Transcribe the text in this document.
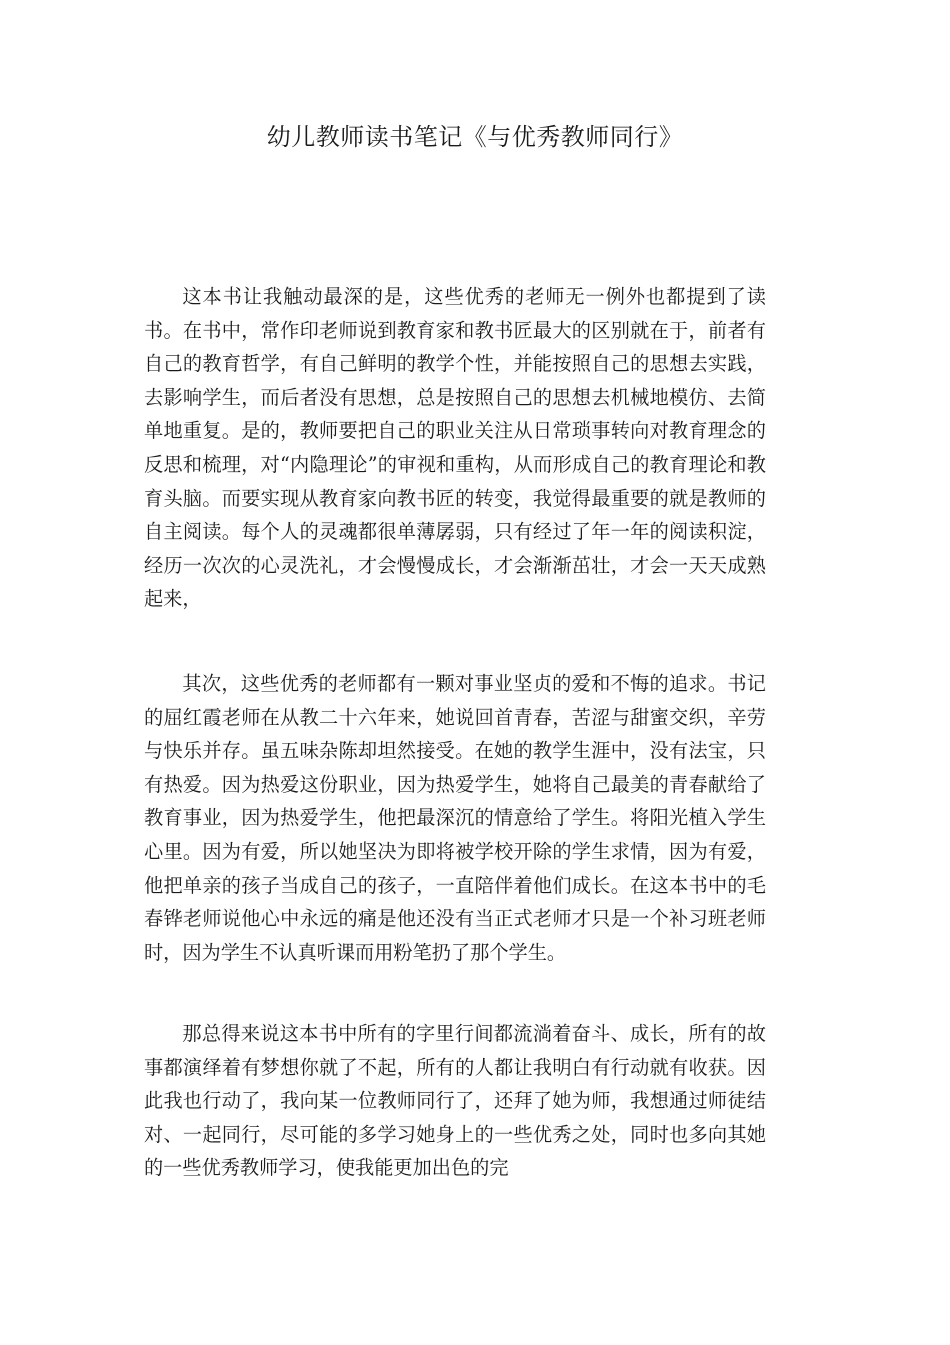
幼儿教师读书笔记《与优秀教师同行》

这本书让我触动最深的是，这些优秀的老师无一例外也都提到了读书。在书中，常作印老师说到教育家和教书匠最大的区别就在于，前者有自己的教育哲学，有自己鲜明的教学个性，并能按照自己的思想去实践，去影响学生，而后者没有思想，总是按照自己的思想去机械地模仿、去简单地重复。是的，教师要把自己的职业关注从日常琐事转向对教育理念的反思和梳理，对“内隐理论”的审视和重构，从而形成自己的教育理论和教育头脑。而要实现从教育家向教书匠的转变，我觉得最重要的就是教师的自主阅读。每个人的灵魂都很单薄孱弱，只有经过了年一年的阅读积淀，经历一次次的心灵洗礼，才会慢慢成长，才会渐渐茁壮，才会一天天成熟起来，

其次，这些优秀的老师都有一颗对事业坚贞的爱和不悔的追求。书记的屈红霞老师在从教二十六年来，她说回首青春，苦涩与甜蜜交织，辛劳与快乐并存。虽五味杂陈却坦然接受。在她的教学生涯中，没有法宝，只有热爱。因为热爱这份职业，因为热爱学生，她将自己最美的青春献给了教育事业，因为热爱学生，他把最深沉的情意给了学生。将阳光植入学生心里。因为有爱，所以她坚决为即将被学校开除的学生求情，因为有爱，他把单亲的孩子当成自己的孩子，一直陪伴着他们成长。在这本书中的毛春铧老师说他心中永远的痛是他还没有当正式老师才只是一个补习班老师时，因为学生不认真听课而用粉笔扔了那个学生。

那总得来说这本书中所有的字里行间都流淌着奋斗、成长，所有的故事都演绎着有梦想你就了不起，所有的人都让我明白有行动就有收获。因此我也行动了，我向某一位教师同行了，还拜了她为师，我想通过师徒结对、一起同行，尽可能的多学习她身上的一些优秀之处，同时也多向其她的一些优秀教师学习，使我能更加出色的完
